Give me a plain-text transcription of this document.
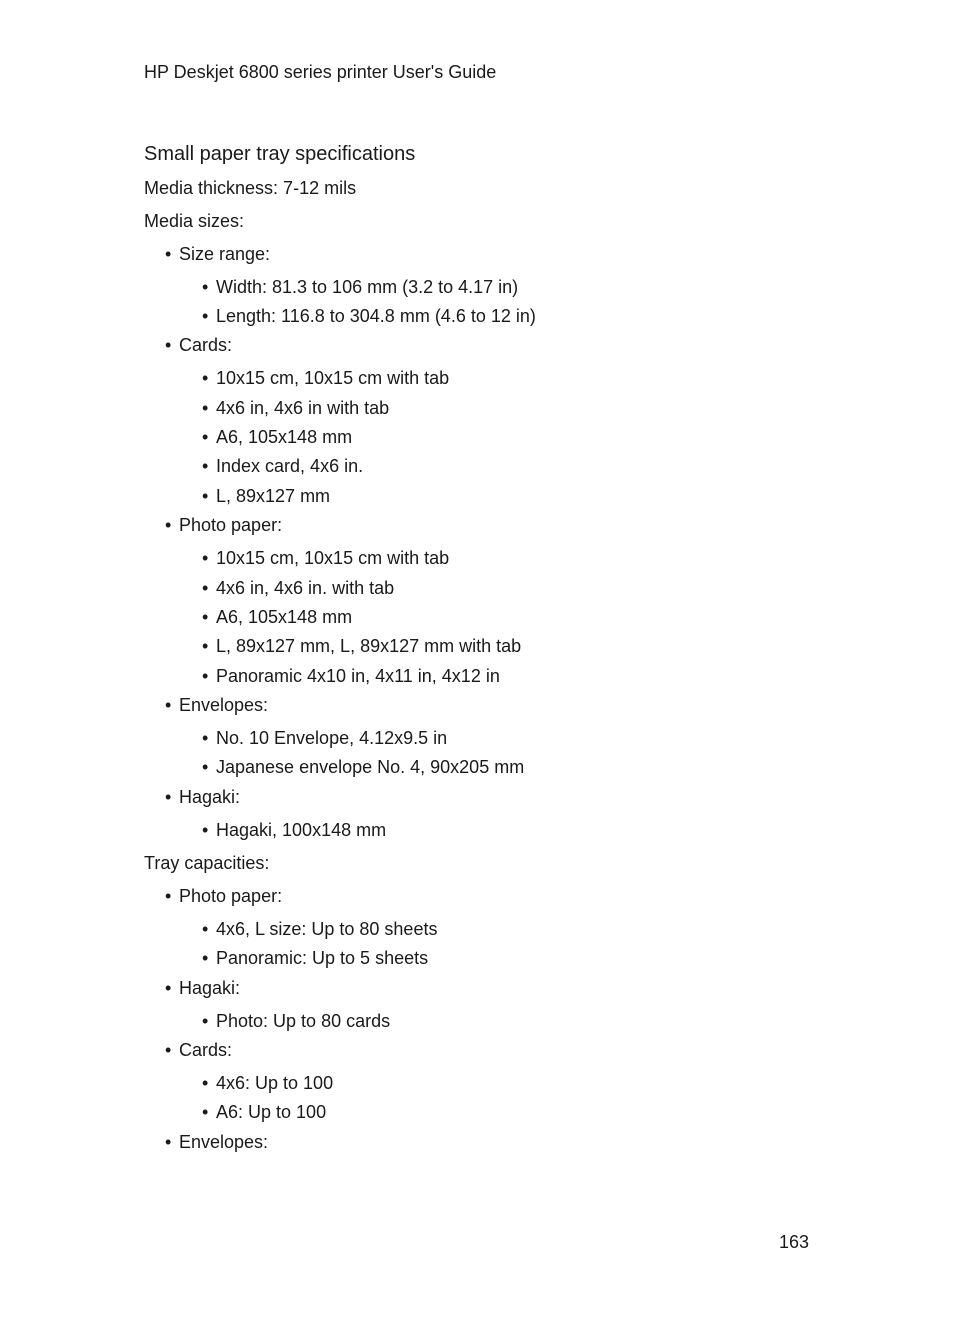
HP Deskjet 6800 series printer User's Guide
Small paper tray specifications
Media thickness: 7-12 mils
Media sizes:
• Size range:
• Width: 81.3 to 106 mm (3.2 to 4.17 in)
• Length: 116.8 to 304.8 mm (4.6 to 12 in)
• Cards:
• 10x15 cm, 10x15 cm with tab
• 4x6 in, 4x6 in with tab
• A6, 105x148 mm
• Index card, 4x6 in.
• L, 89x127 mm
• Photo paper:
• 10x15 cm, 10x15 cm with tab
• 4x6 in, 4x6 in. with tab
• A6, 105x148 mm
• L, 89x127 mm, L, 89x127 mm with tab
• Panoramic 4x10 in, 4x11 in, 4x12 in
• Envelopes:
• No. 10 Envelope, 4.12x9.5 in
• Japanese envelope No. 4, 90x205 mm
• Hagaki:
• Hagaki, 100x148 mm
Tray capacities:
• Photo paper:
• 4x6, L size: Up to 80 sheets
• Panoramic: Up to 5 sheets
• Hagaki:
• Photo: Up to 80 cards
• Cards:
• 4x6: Up to 100
• A6: Up to 100
• Envelopes:
163
